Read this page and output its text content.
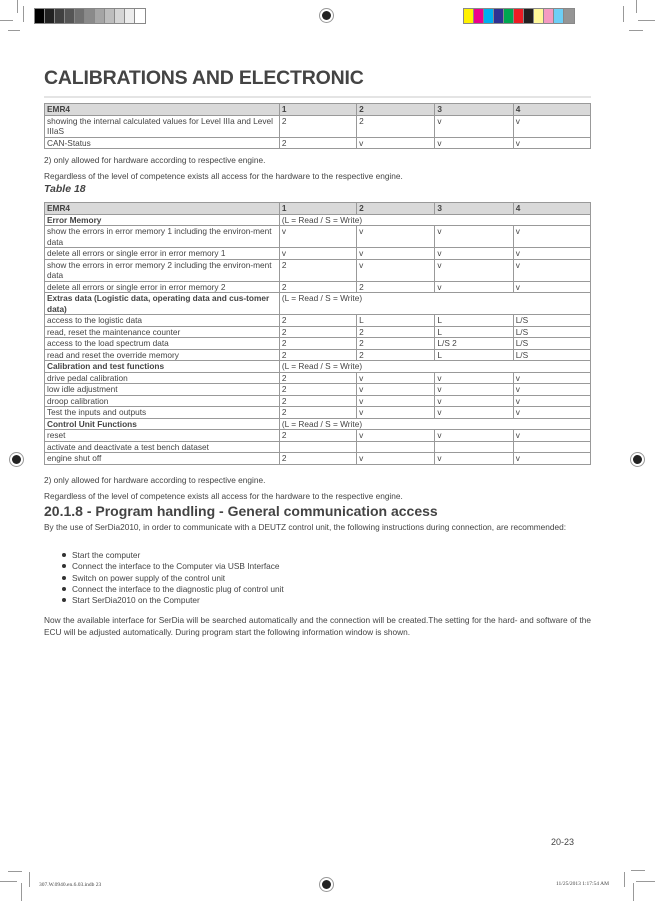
CALIBRATIONS AND ELECTRONIC
EMR4	1	2	3	4
showing the internal calculated values for Level IIIa and Level IIIaS	2	2	v	v
CAN-Status	2	v	v	v
2) only allowed for hardware according to respective engine.
Regardless of the level of competence exists all access for the hardware to the respective engine.
Table 18
EMR4	1	2	3	4
Error Memory	(L = Read / S = Write)			
show the errors in error memory 1 including the environ-ment data	v	v	v	v
delete all errors or single error in error memory 1	v	v	v	v
show the errors in error memory 2 including the environ-ment data	2	v	v	v
delete all errors or single error in error memory 2	2	2	v	v
Extras data (Logistic data, operating data and cus-tomer data)	(L = Read / S = Write)			
access to the logistic data	2	L	L	L/S
read, reset the maintenance counter	2	2	L	L/S
access to the load spectrum data	2	2	L/S 2	L/S
read and reset the override memory	2	2	L	L/S
Calibration and test functions	(L = Read / S = Write)			
drive pedal calibration	2	v	v	v
low idle adjustment	2	v	v	v
droop calibration	2	v	v	v
Test the inputs and outputs	2	v	v	v
Control Unit Functions	(L = Read / S = Write)			
reset	2	v	v	v
activate and deactivate a test bench dataset				
engine shut off	2	v	v	v
2) only allowed for hardware according to respective engine.
Regardless of the level of competence exists all access for the hardware to the respective engine.
20.1.8 - Program handling - General communication access
By the use of SerDia2010, in order to communicate with a DEUTZ control unit, the following instructions during connection, are recommended:
Start the computer
Connect the interface to the Computer via USB Interface
Switch on power supply of the control unit
Connect the interface to the diagnostic plug of control unit
Start SerDia2010 on the Computer
Now the available interface for SerDia will be searched automatically and the connection will be created.The setting for the hard- and software of the ECU will be adjusted automatically. During program start the following information window is shown.
20-23
307.W.0940.en.6.03.indb 23	11/25/2013 1:17:54 AM
